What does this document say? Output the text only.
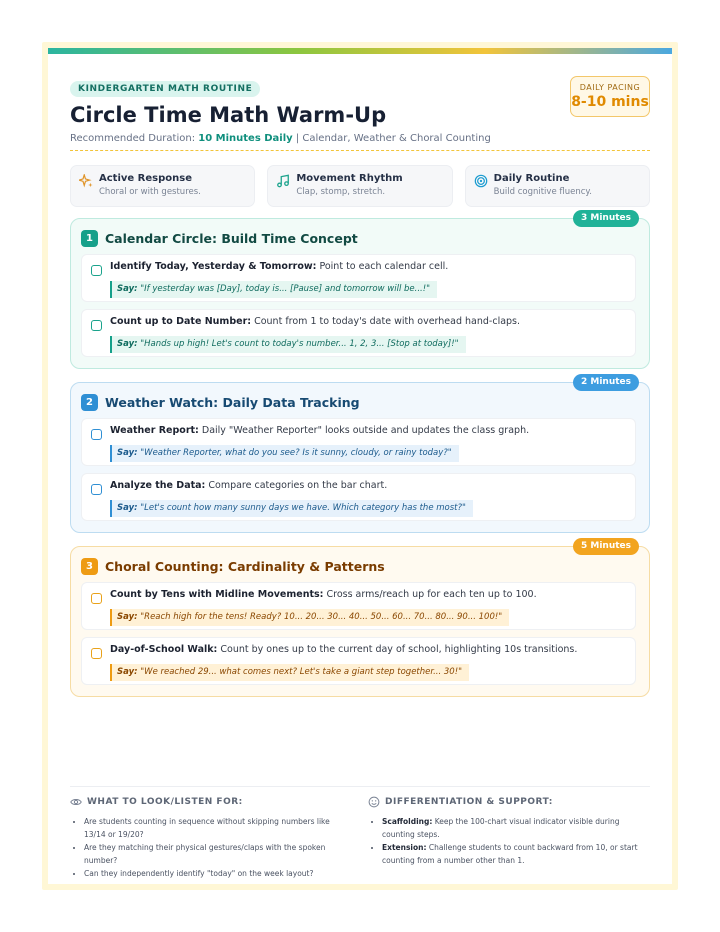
KINDERGARTEN MATH ROUTINE
Circle Time Math Warm-Up
Recommended Duration: 10 Minutes Daily | Calendar, Weather & Choral Counting
DAILY PACING
8-10 mins
Active Response
Choral or with gestures.
Movement Rhythm
Clap, stomp, stretch.
Daily Routine
Build cognitive fluency.
3 Minutes
1 Calendar Circle: Build Time Concept
Identify Today, Yesterday & Tomorrow: Point to each calendar cell.
Say: "If yesterday was [Day], today is... [Pause] and tomorrow will be...!"
Count up to Date Number: Count from 1 to today's date with overhead hand-claps.
Say: "Hands up high! Let's count to today's number... 1, 2, 3... [Stop at today]!"
2 Minutes
2 Weather Watch: Daily Data Tracking
Weather Report: Daily "Weather Reporter" looks outside and updates the class graph.
Say: "Weather Reporter, what do you see? Is it sunny, cloudy, or rainy today?"
Analyze the Data: Compare categories on the bar chart.
Say: "Let's count how many sunny days we have. Which category has the most?"
5 Minutes
3 Choral Counting: Cardinality & Patterns
Count by Tens with Midline Movements: Cross arms/reach up for each ten up to 100.
Say: "Reach high for the tens! Ready? 10... 20... 30... 40... 50... 60... 70... 80... 90... 100!"
Day-of-School Walk: Count by ones up to the current day of school, highlighting 10s transitions.
Say: "We reached 29... what comes next? Let's take a giant step together... 30!"
WHAT TO LOOK/LISTEN FOR:
• Are students counting in sequence without skipping numbers like 13/14 or 19/20?
• Are they matching their physical gestures/claps with the spoken number?
• Can they independently identify "today" on the week layout?
DIFFERENTIATION & SUPPORT:
• Scaffolding: Keep the 100-chart visual indicator visible during counting steps.
• Extension: Challenge students to count backward from 10, or start counting from a number other than 1.
